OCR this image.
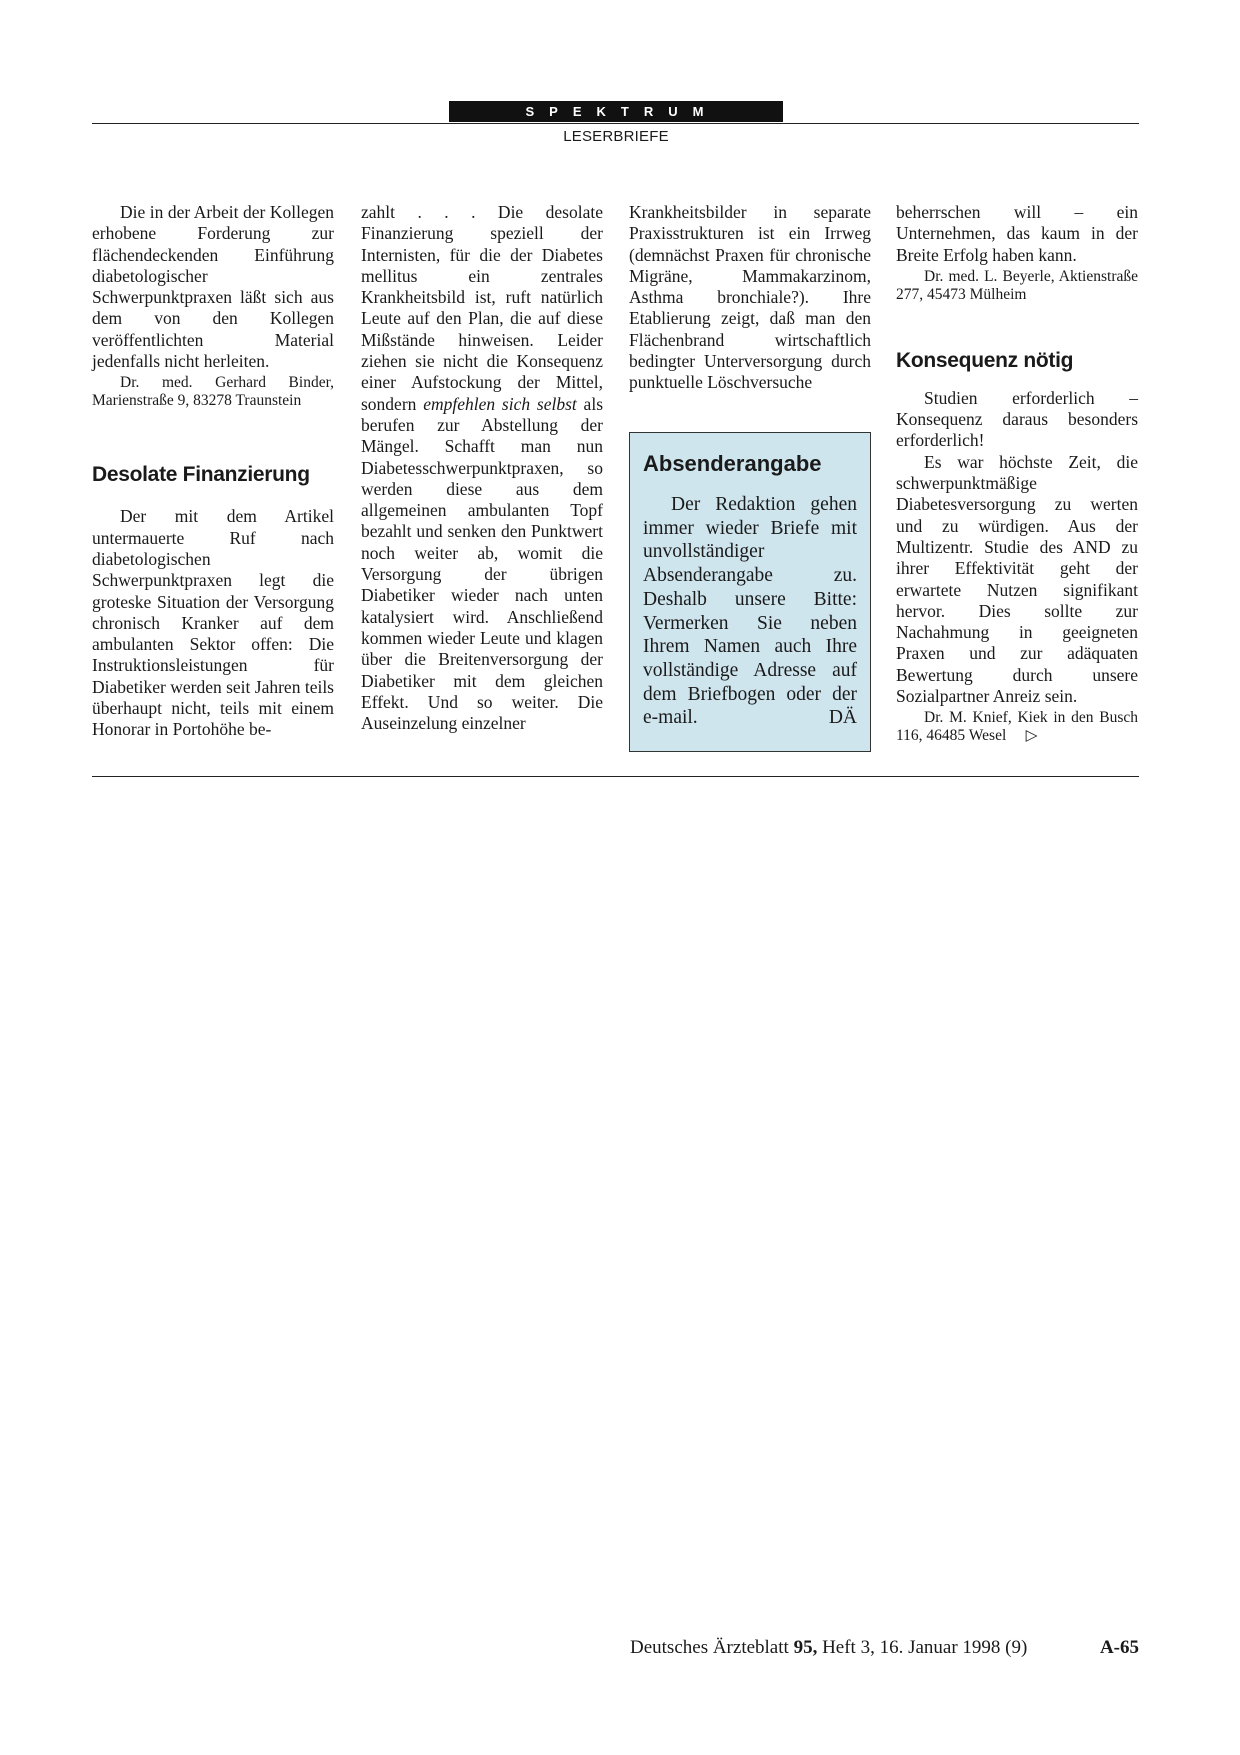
SPEKTRUM
LESERBRIEFE

Die in der Arbeit der Kollegen erhobene Forderung zur flächendeckenden Einführung diabetologischer Schwerpunktpraxen läßt sich aus dem von den Kollegen veröffentlichten Material jedenfalls nicht herleiten.

Dr. med. Gerhard Binder, Marienstraße 9, 83278 Traunstein

Desolate Finanzierung

Der mit dem Artikel untermauerte Ruf nach diabetologischen Schwerpunktpraxen legt die groteske Situation der Versorgung chronisch Kranker auf dem ambulanten Sektor offen: Die Instruktionsleistungen für Diabetiker werden seit Jahren teils überhaupt nicht, teils mit einem Honorar in Portohöhe be-

zahlt . . . Die desolate Finanzierung speziell der Internisten, für die der Diabetes mellitus ein zentrales Krankheitsbild ist, ruft natürlich Leute auf den Plan, die auf diese Mißstände hinweisen. Leider ziehen sie nicht die Konsequenz einer Aufstockung der Mittel, sondern empfehlen sich selbst als berufen zur Abstellung der Mängel. Schafft man nun Diabetesschwerpunktpraxen, so werden diese aus dem allgemeinen ambulanten Topf bezahlt und senken den Punktwert noch weiter ab, womit die Versorgung der übrigen Diabetiker wieder nach unten katalysiert wird. Anschließend kommen wieder Leute und klagen über die Breitenversorgung der Diabetiker mit dem gleichen Effekt. Und so weiter. Die Auseinzelung einzelner

Krankheitsbilder in separate Praxisstrukturen ist ein Irrweg (demnächst Praxen für chronische Migräne, Mammakarzinom, Asthma bronchiale?). Ihre Etablierung zeigt, daß man den Flächenbrand wirtschaftlich bedingter Unterversorgung durch punktuelle Löschversuche

Absenderangabe

Der Redaktion gehen immer wieder Briefe mit unvollständiger Absenderangabe zu. Deshalb unsere Bitte: Vermerken Sie neben Ihrem Namen auch Ihre vollständige Adresse auf dem Briefbogen oder der e-mail.	DÄ

beherrschen will – ein Unternehmen, das kaum in der Breite Erfolg haben kann.

Dr. med. L. Beyerle, Aktienstraße 277, 45473 Mülheim

Konsequenz nötig

Studien erforderlich – Konsequenz daraus besonders erforderlich!

Es war höchste Zeit, die schwerpunktmäßige Diabetesversorgung zu werten und zu würdigen. Aus der Multizentr. Studie des AND zu ihrer Effektivität geht der erwartete Nutzen signifikant hervor. Dies sollte zur Nachahmung in geeigneten Praxen und zur adäquaten Bewertung durch unsere Sozialpartner Anreiz sein.

Dr. M. Knief, Kiek in den Busch 116, 46485 Wesel ▷

Deutsches Ärzteblatt 95, Heft 3, 16. Januar 1998 (9)	A-65
